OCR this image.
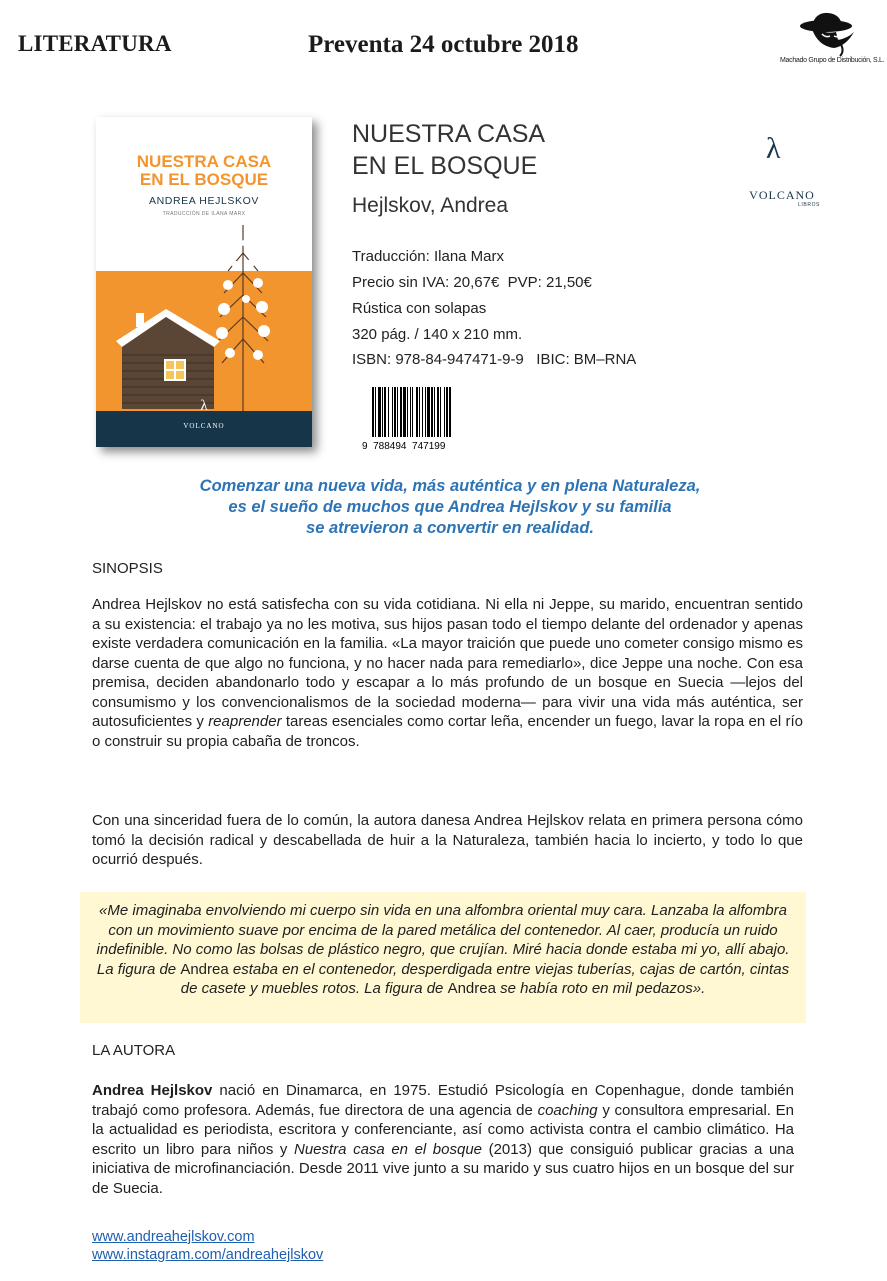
LITERATURA	Preventa 24 octubre 2018
Machado Grupo de Distribución, S.L.
NUESTRA CASA
EN EL BOSQUE
ANDREA HEJLSKOV
TRADUCCIÓN DE ILANA MARX
λ
VOLCANO
NUESTRA CASA
EN EL BOSQUE
Hejlskov, Andrea
Traducción: Ilana Marx
Precio sin IVA: 20,67€  PVP: 21,50€
Rústica con solapas
320 pág. / 140 x 210 mm.
ISBN: 978-84-947471-9-9   IBIC: BM–RNA
λ
VOLCANO
LIBROS
9  788494  747199
Comenzar una nueva vida, más auténtica y en plena Naturaleza,
es el sueño de muchos que Andrea Hejlskov y su familia
se atrevieron a convertir en realidad.
SINOPSIS
Andrea Hejlskov no está satisfecha con su vida cotidiana. Ni ella ni Jeppe, su marido, encuentran sentido a su existencia: el trabajo ya no les motiva, sus hijos pasan todo el tiempo delante del ordenador y apenas existe verdadera comunicación en la familia. «La mayor traición que puede uno cometer consigo mismo es darse cuenta de que algo no funciona, y no hacer nada para remediarlo», dice Jeppe una noche. Con esa premisa, deciden abandonarlo todo y escapar a lo más profundo de un bosque en Suecia —lejos del consumismo y los convencionalismos de la sociedad moderna— para vivir una vida más auténtica, ser autosuficientes y reaprender tareas esenciales como cortar leña, encender un fuego, lavar la ropa en el río o construir su propia cabaña de troncos.
Con una sinceridad fuera de lo común, la autora danesa Andrea Hejlskov relata en primera persona cómo tomó la decisión radical y descabellada de huir a la Naturaleza, también hacia lo incierto, y todo lo que ocurrió después.
«Me imaginaba envolviendo mi cuerpo sin vida en una alfombra oriental muy cara. Lanzaba la alfombra con un movimiento suave por encima de la pared metálica del contenedor. Al caer, producía un ruido indefinible. No como las bolsas de plástico negro, que crujían. Miré hacia donde estaba mi yo, allí abajo. La figura de Andrea estaba en el contenedor, desperdigada entre viejas tuberías, cajas de cartón, cintas de casete y muebles rotos. La figura de Andrea se había roto en mil pedazos».
LA AUTORA
Andrea Hejlskov nació en Dinamarca, en 1975. Estudió Psicología en Copenhague, donde también trabajó como profesora. Además, fue directora de una agencia de coaching y consultora empresarial. En la actualidad es periodista, escritora y conferenciante, así como activista contra el cambio climático. Ha escrito un libro para niños y Nuestra casa en el bosque (2013) que consiguió publicar gracias a una iniciativa de microfinanciación. Desde 2011 vive junto a su marido y sus cuatro hijos en un bosque del sur de Suecia.
www.andreahejlskov.com
www.instagram.com/andreahejlskov
